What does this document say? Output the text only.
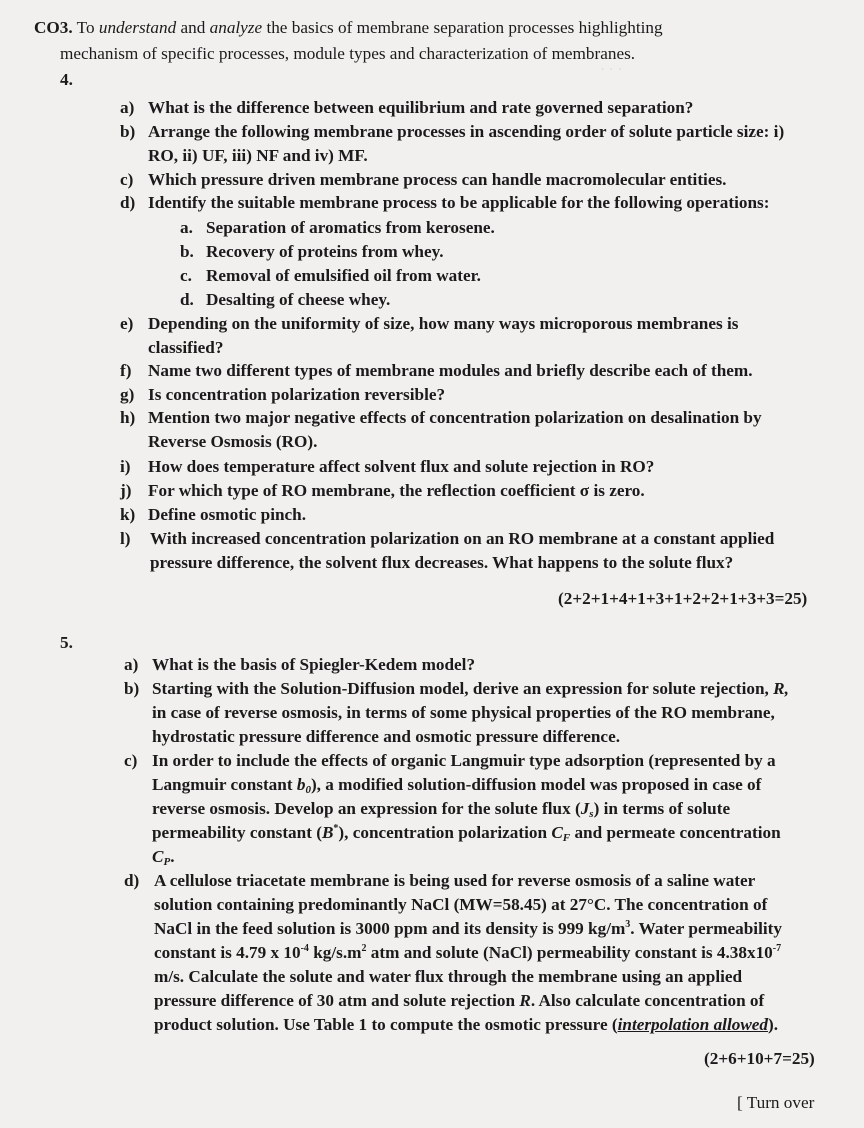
· · ·
CO3. To understand and analyze the basics of membrane separation processes highlighting
mechanism of specific processes, module types and characterization of membranes.
4.
a) What is the difference between equilibrium and rate governed separation?
b) Arrange the following membrane processes in ascending order of solute particle size: i)
RO, ii) UF, iii) NF and iv) MF.
c) Which pressure driven membrane process can handle macromolecular entities.
d) Identify the suitable membrane process to be applicable for the following operations:
a. Separation of aromatics from kerosene.
b. Recovery of proteins from whey.
c. Removal of emulsified oil from water.
d. Desalting of cheese whey.
e) Depending on the uniformity of size, how many ways microporous membranes is
classified?
f) Name two different types of membrane modules and briefly describe each of them.
g) Is concentration polarization reversible?
h) Mention two major negative effects of concentration polarization on desalination by
Reverse Osmosis (RO).
i) How does temperature affect solvent flux and solute rejection in RO?
j) For which type of RO membrane, the reflection coefficient σ is zero.
k) Define osmotic pinch.
l) With increased concentration polarization on an RO membrane at a constant applied
pressure difference, the solvent flux decreases. What happens to the solute flux?
(2+2+1+4+1+3+1+2+2+1+3+3=25)
5.
a) What is the basis of Spiegler-Kedem model?
b) Starting with the Solution-Diffusion model, derive an expression for solute rejection, R,
in case of reverse osmosis, in terms of some physical properties of the RO membrane,
hydrostatic pressure difference and osmotic pressure difference.
c) In order to include the effects of organic Langmuir type adsorption (represented by a
Langmuir constant $b_0$), a modified solution-diffusion model was proposed in case of
reverse osmosis. Develop an expression for the solute flux $(J_s)$ in terms of solute
permeability constant (B*), concentration polarization $C_F$ and permeate concentration
$C_P$.
d) A cellulose triacetate membrane is being used for reverse osmosis of a saline water
solution containing predominantly NaCl (MW=58.45) at 27°C. The concentration of
NaCl in the feed solution is 3000 ppm and its density is 999 $kg/m^3$. Water permeability
constant is 4.79 x $10^{-4}$ $kg/s.m^2$ atm and solute (NaCl) permeability constant is $4.38x10^{-7}$
m/s. Calculate the solute and water flux through the membrane using an applied
pressure difference of 30 atm and solute rejection R. Also calculate concentration of
product solution. Use Table 1 to compute the osmotic pressure (interpolation allowed).
(2+6+10+7=25)
[ Turn over
